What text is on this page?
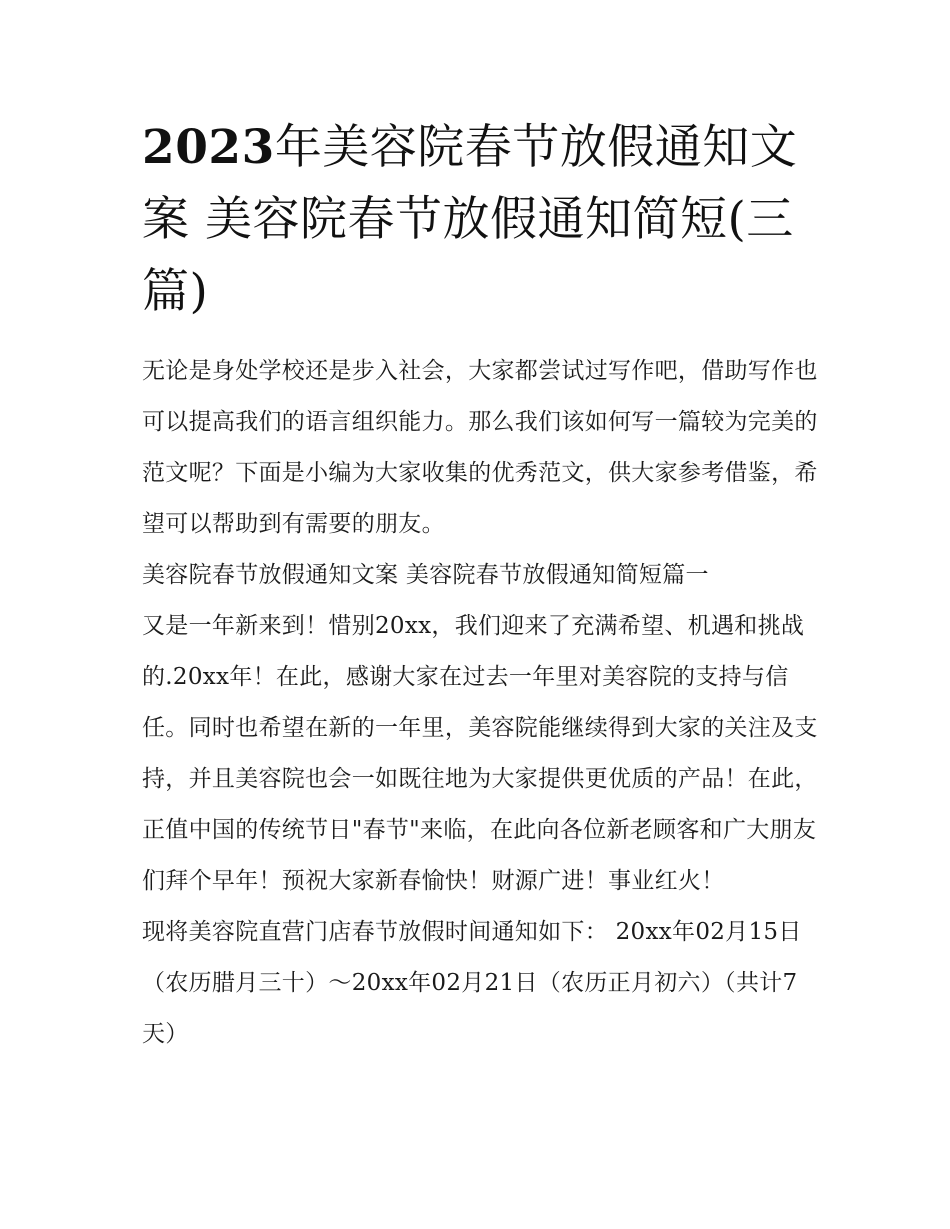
2023年美容院春节放假通知文案 美容院春节放假通知简短(三篇)

无论是身处学校还是步入社会，大家都尝试过写作吧，借助写作也可以提高我们的语言组织能力。那么我们该如何写一篇较为完美的范文呢？下面是小编为大家收集的优秀范文，供大家参考借鉴，希望可以帮助到有需要的朋友。

美容院春节放假通知文案 美容院春节放假通知简短篇一

又是一年新来到！惜别20xx，我们迎来了充满希望、机遇和挑战的.20xx年！在此，感谢大家在过去一年里对美容院的支持与信任。同时也希望在新的一年里，美容院能继续得到大家的关注及支持，并且美容院也会一如既往地为大家提供更优质的产品！在此，正值中国的传统节日"春节"来临，在此向各位新老顾客和广大朋友们拜个早年！预祝大家新春愉快！财源广进！事业红火！

现将美容院直营门店春节放假时间通知如下： 20xx年02月15日（农历腊月三十）～20xx年02月21日（农历正月初六）（共计7天）
